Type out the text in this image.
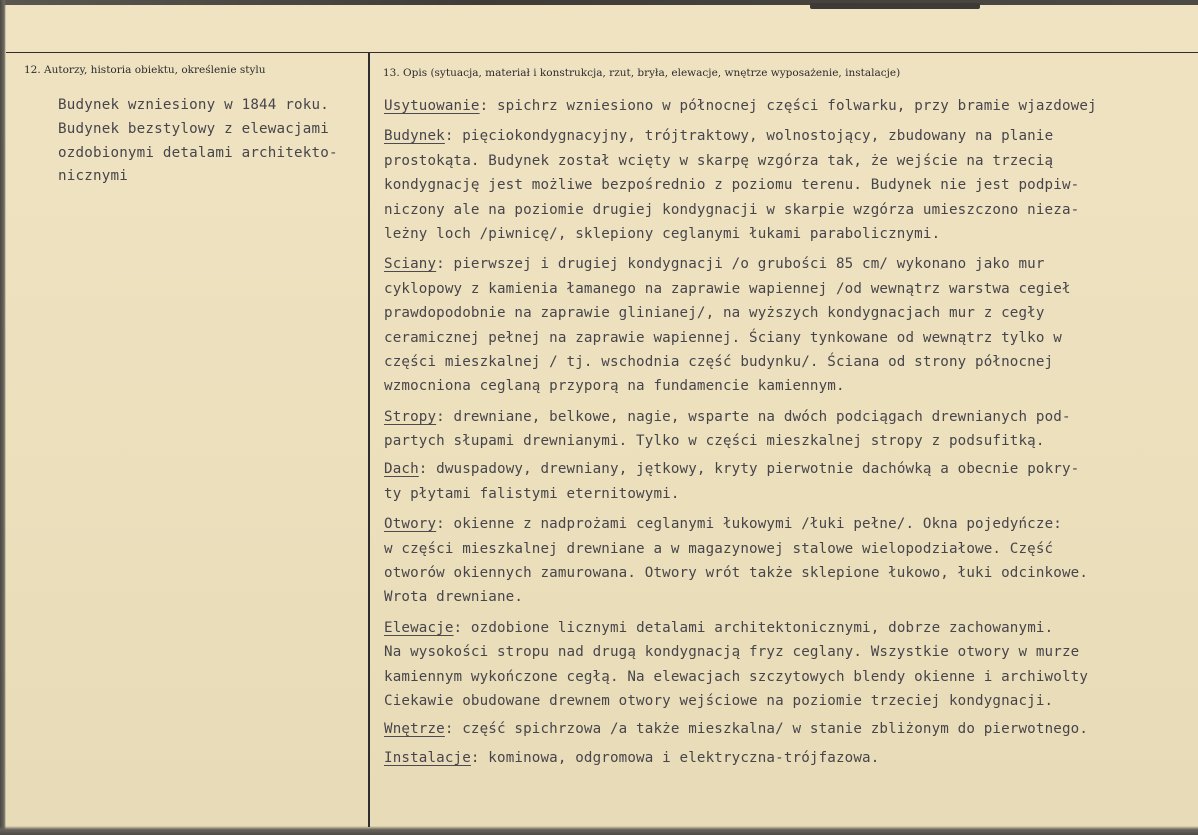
12. Autorzy, historia obiektu, określenie stylu	13. Opis (sytuacja, materiał i konstrukcja, rzut, bryła, elewacje, wnętrze wyposażenie, instalacje)
Budynek wzniesiony w 1844 roku.
Budynek bezstylowy z elewacjami
ozdobionymi detalami architekto-
nicznymi
Usytuowanie: spichrz wzniesiono w północnej części folwarku, przy bramie wjazdowej
Budynek: pięciokondygnacyjny, trójtraktowy, wolnostojący, zbudowany na planie
prostokąta. Budynek został wcięty w skarpę wzgórza tak, że wejście na trzecią
kondygnację jest możliwe bezpośrednio z poziomu terenu. Budynek nie jest podpiw-
niczony ale na poziomie drugiej kondygnacji w skarpie wzgórza umieszczono nieza-
leżny loch /piwnicę/, sklepiony ceglanymi łukami parabolicznymi.
Sciany: pierwszej i drugiej kondygnacji /o grubości 85 cm/ wykonano jako mur
cyklopowy z kamienia łamanego na zaprawie wapiennej /od wewnątrz warstwa cegieł
prawdopodobnie na zaprawie glinianej/, na wyższych kondygnacjach mur z cegły
ceramicznej pełnej na zaprawie wapiennej. Ściany tynkowane od wewnątrz tylko w
części mieszkalnej / tj. wschodnia część budynku/. Ściana od strony północnej
wzmocniona ceglaną przyporą na fundamencie kamiennym.
Stropy: drewniane, belkowe, nagie, wsparte na dwóch podciągach drewnianych pod-
partych słupami drewnianymi. Tylko w części mieszkalnej stropy z podsufitką.
Dach: dwuspadowy, drewniany, jętkowy, kryty pierwotnie dachówką a obecnie pokry-
ty płytami falistymi eternitowymi.
Otwory: okienne z nadprożami ceglanymi łukowymi /łuki pełne/. Okna pojedyńcze:
w części mieszkalnej drewniane a w magazynowej stalowe wielopodziałowe. Część
otworów okiennych zamurowana. Otwory wrót także sklepione łukowo, łuki odcinkowe.
Wrota drewniane.
Elewacje: ozdobione licznymi detalami architektonicznymi, dobrze zachowanymi.
Na wysokości stropu nad drugą kondygnacją fryz ceglany. Wszystkie otwory w murze
kamiennym wykończone cegłą. Na elewacjach szczytowych blendy okienne i archiwolty
Ciekawie obudowane drewnem otwory wejściowe na poziomie trzeciej kondygnacji.
Wnętrze: część spichrzowa /a także mieszkalna/ w stanie zbliżonym do pierwotnego.
Instalacje: kominowa, odgromowa i elektryczna-trójfazowa.
